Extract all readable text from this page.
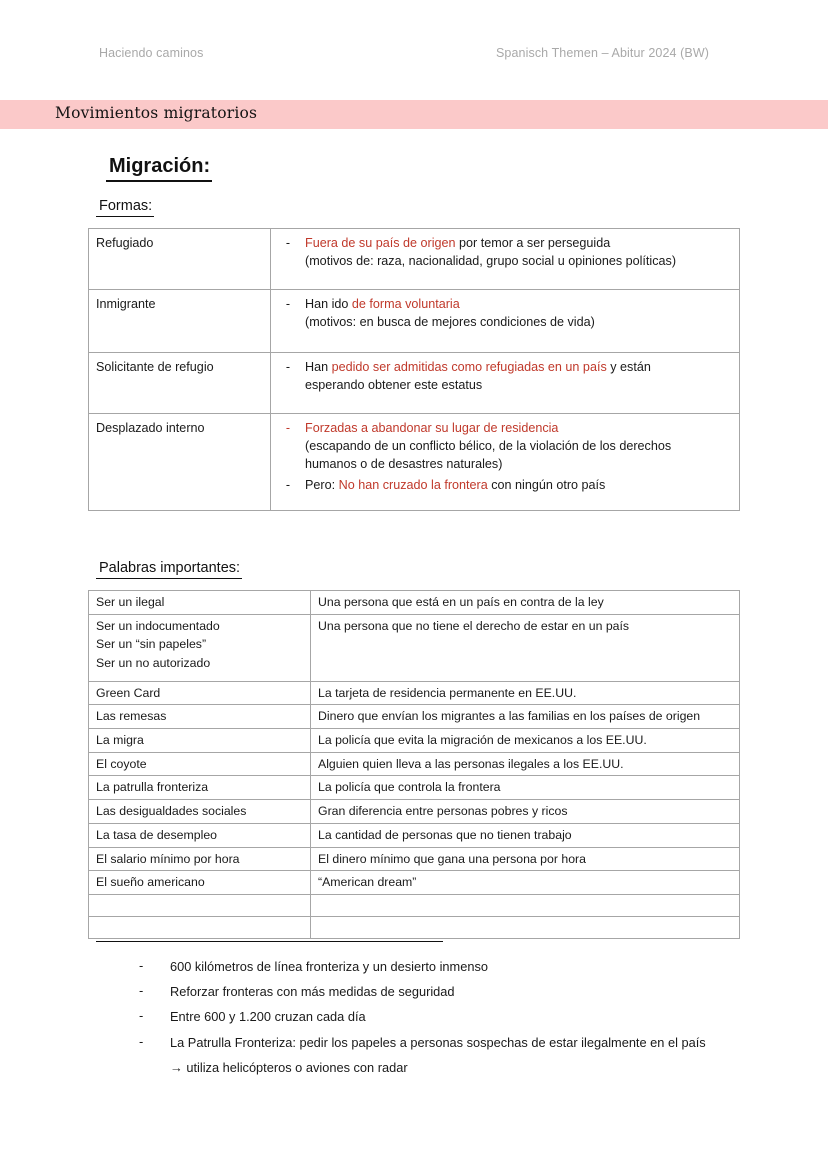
Haciendo caminos	Spanisch Themen – Abitur 2024 (BW)
Movimientos migratorios
Migración:
Formas:
Palabras importantes:
Refugiado	- Fuera de su país de origen por temor a ser perseguida
(motivos de: raza, nacionalidad, grupo social u opiniones políticas)

Inmigrante	- Han ido de forma voluntaria
(motivos: en busca de mejores condiciones de vida)

Solicitante de refugio	- Han pedido ser admitidas como refugiadas en un país y están
esperando obtener este estatus

Desplazado interno	-	Forzadas a abandonar su lugar de residencia
(escapando de un conflicto bélico, de la violación de los derechos
humanos o de desastres naturales)
-	Pero: No han cruzado la frontera con ningún otro país
Ser un ilegal	Una persona que está en un país en contra de la ley

Ser un indocumentado
Ser un “sin papeles”
Ser un no autorizado	Una persona que no tiene el derecho de estar en un país
Green Card	La tarjeta de residencia permanente en EE.UU.
Las remesas	Dinero que envían los migrantes a las familias en los países de origen
La migra	La policía que evita la migración de mexicanos a los EE.UU.
El coyote	Alguien quien lleva a las personas ilegales a los EE.UU.
La patrulla fronteriza	La policía que controla la frontera
Las desigualdades sociales	Gran diferencia entre personas pobres y ricos
La tasa de desempleo	La cantidad de personas que no tienen trabajo
El salario mínimo por hora	El dinero mínimo que gana una persona por hora
El sueño americano	“American dream”

-	600 kilómetros de línea fronteriza y un desierto inmenso
-	Reforzar fronteras con más medidas de seguridad
-	Entre 600 y 1.200 cruzan cada día
-	La Patrulla Fronteriza: pedir los papeles a personas sospechas de estar ilegalmente en el país
→ utiliza helicópteros o aviones con radar
